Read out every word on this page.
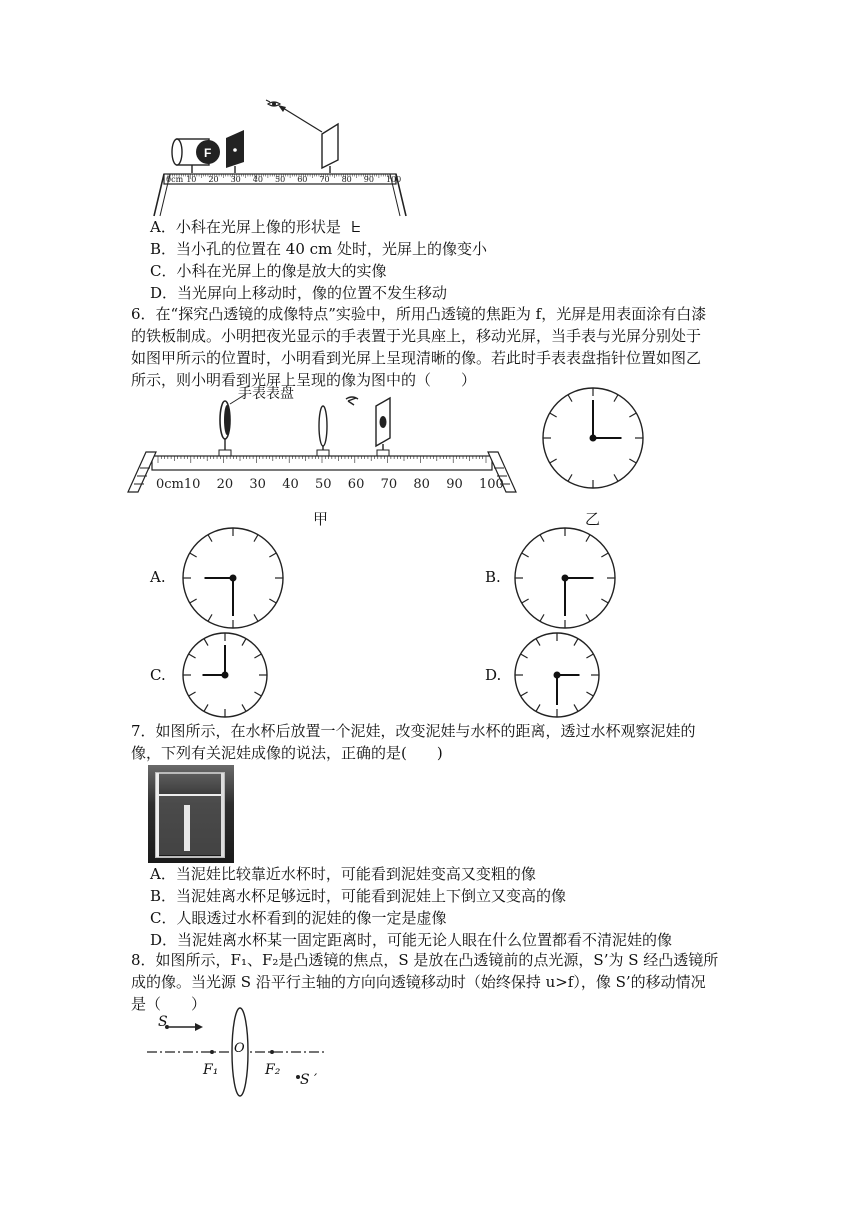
F
0cm 10 20 30 40 50 60 70 80 90 100
A．小科在光屏上像的形状是 ᖶ
B．当小孔的位置在 40 cm 处时，光屏上的像变小
C．小科在光屏上的像是放大的实像
D．当光屏向上移动时，像的位置不发生移动
6．在“探究凸透镜的成像特点”实验中，所用凸透镜的焦距为 f，光屏是用表面涂有白漆
的铁板制成。小明把夜光显示的手表置于光具座上，移动光屏，当手表与光屏分别处于
如图甲所示的位置时，小明看到光屏上呈现清晰的像。若此时手表表盘指针位置如图乙
所示，则小明看到光屏上呈现的像为图中的（　　）
手表表盘
0cm10 20 30 40 50 60 70 80 90 100
甲	乙
A.	B.
C.	D.
7．如图所示，在水杯后放置一个泥娃，改变泥娃与水杯的距离，透过水杯观察泥娃的
像，下列有关泥娃成像的说法，正确的是(　　)
A．当泥娃比较靠近水杯时，可能看到泥娃变高又变粗的像
B．当泥娃离水杯足够远时，可能看到泥娃上下倒立又变高的像
C．人眼透过水杯看到的泥娃的像一定是虚像
D．当泥娃离水杯某一固定距离时，可能无论人眼在什么位置都看不清泥娃的像
8．如图所示，F₁、F₂是凸透镜的焦点，S 是放在凸透镜前的点光源，S’为 S 经凸透镜所
成的像。当光源 S 沿平行主轴的方向向透镜移动时（始终保持 u>f），像 S’的移动情况
是（　　）
S
O
F₁	F₂
S ′
